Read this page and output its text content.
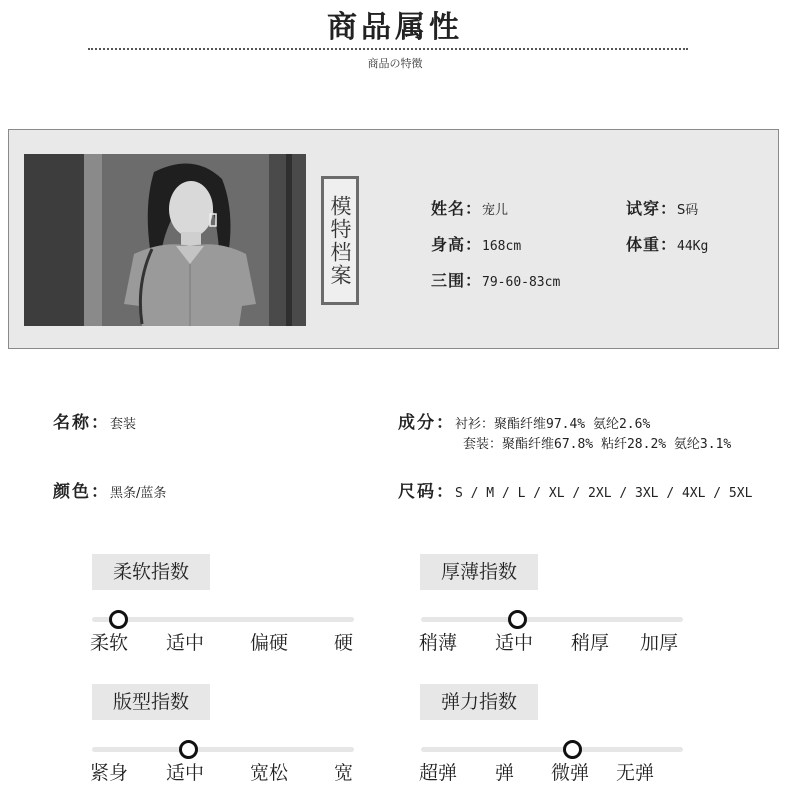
商品属性
商品の特徴
模特档案	姓名：宠儿
身高：168cm
三围：79-60-83cm
试穿：S码
体重：44Kg
名称：套装
颜色：黑条/蓝条
成分：衬衫：聚酯纤维97.4% 氨纶2.6%
套装：聚酯纤维67.8% 粘纤28.2% 氨纶3.1%
尺码：S / M / L / XL / 2XL / 3XL / 4XL / 5XL
柔软指数
柔软 适中 偏硬 硬
厚薄指数
稍薄 适中 稍厚 加厚
版型指数
紧身 适中 宽松 宽
弹力指数
超弹 弹 微弹 无弹
